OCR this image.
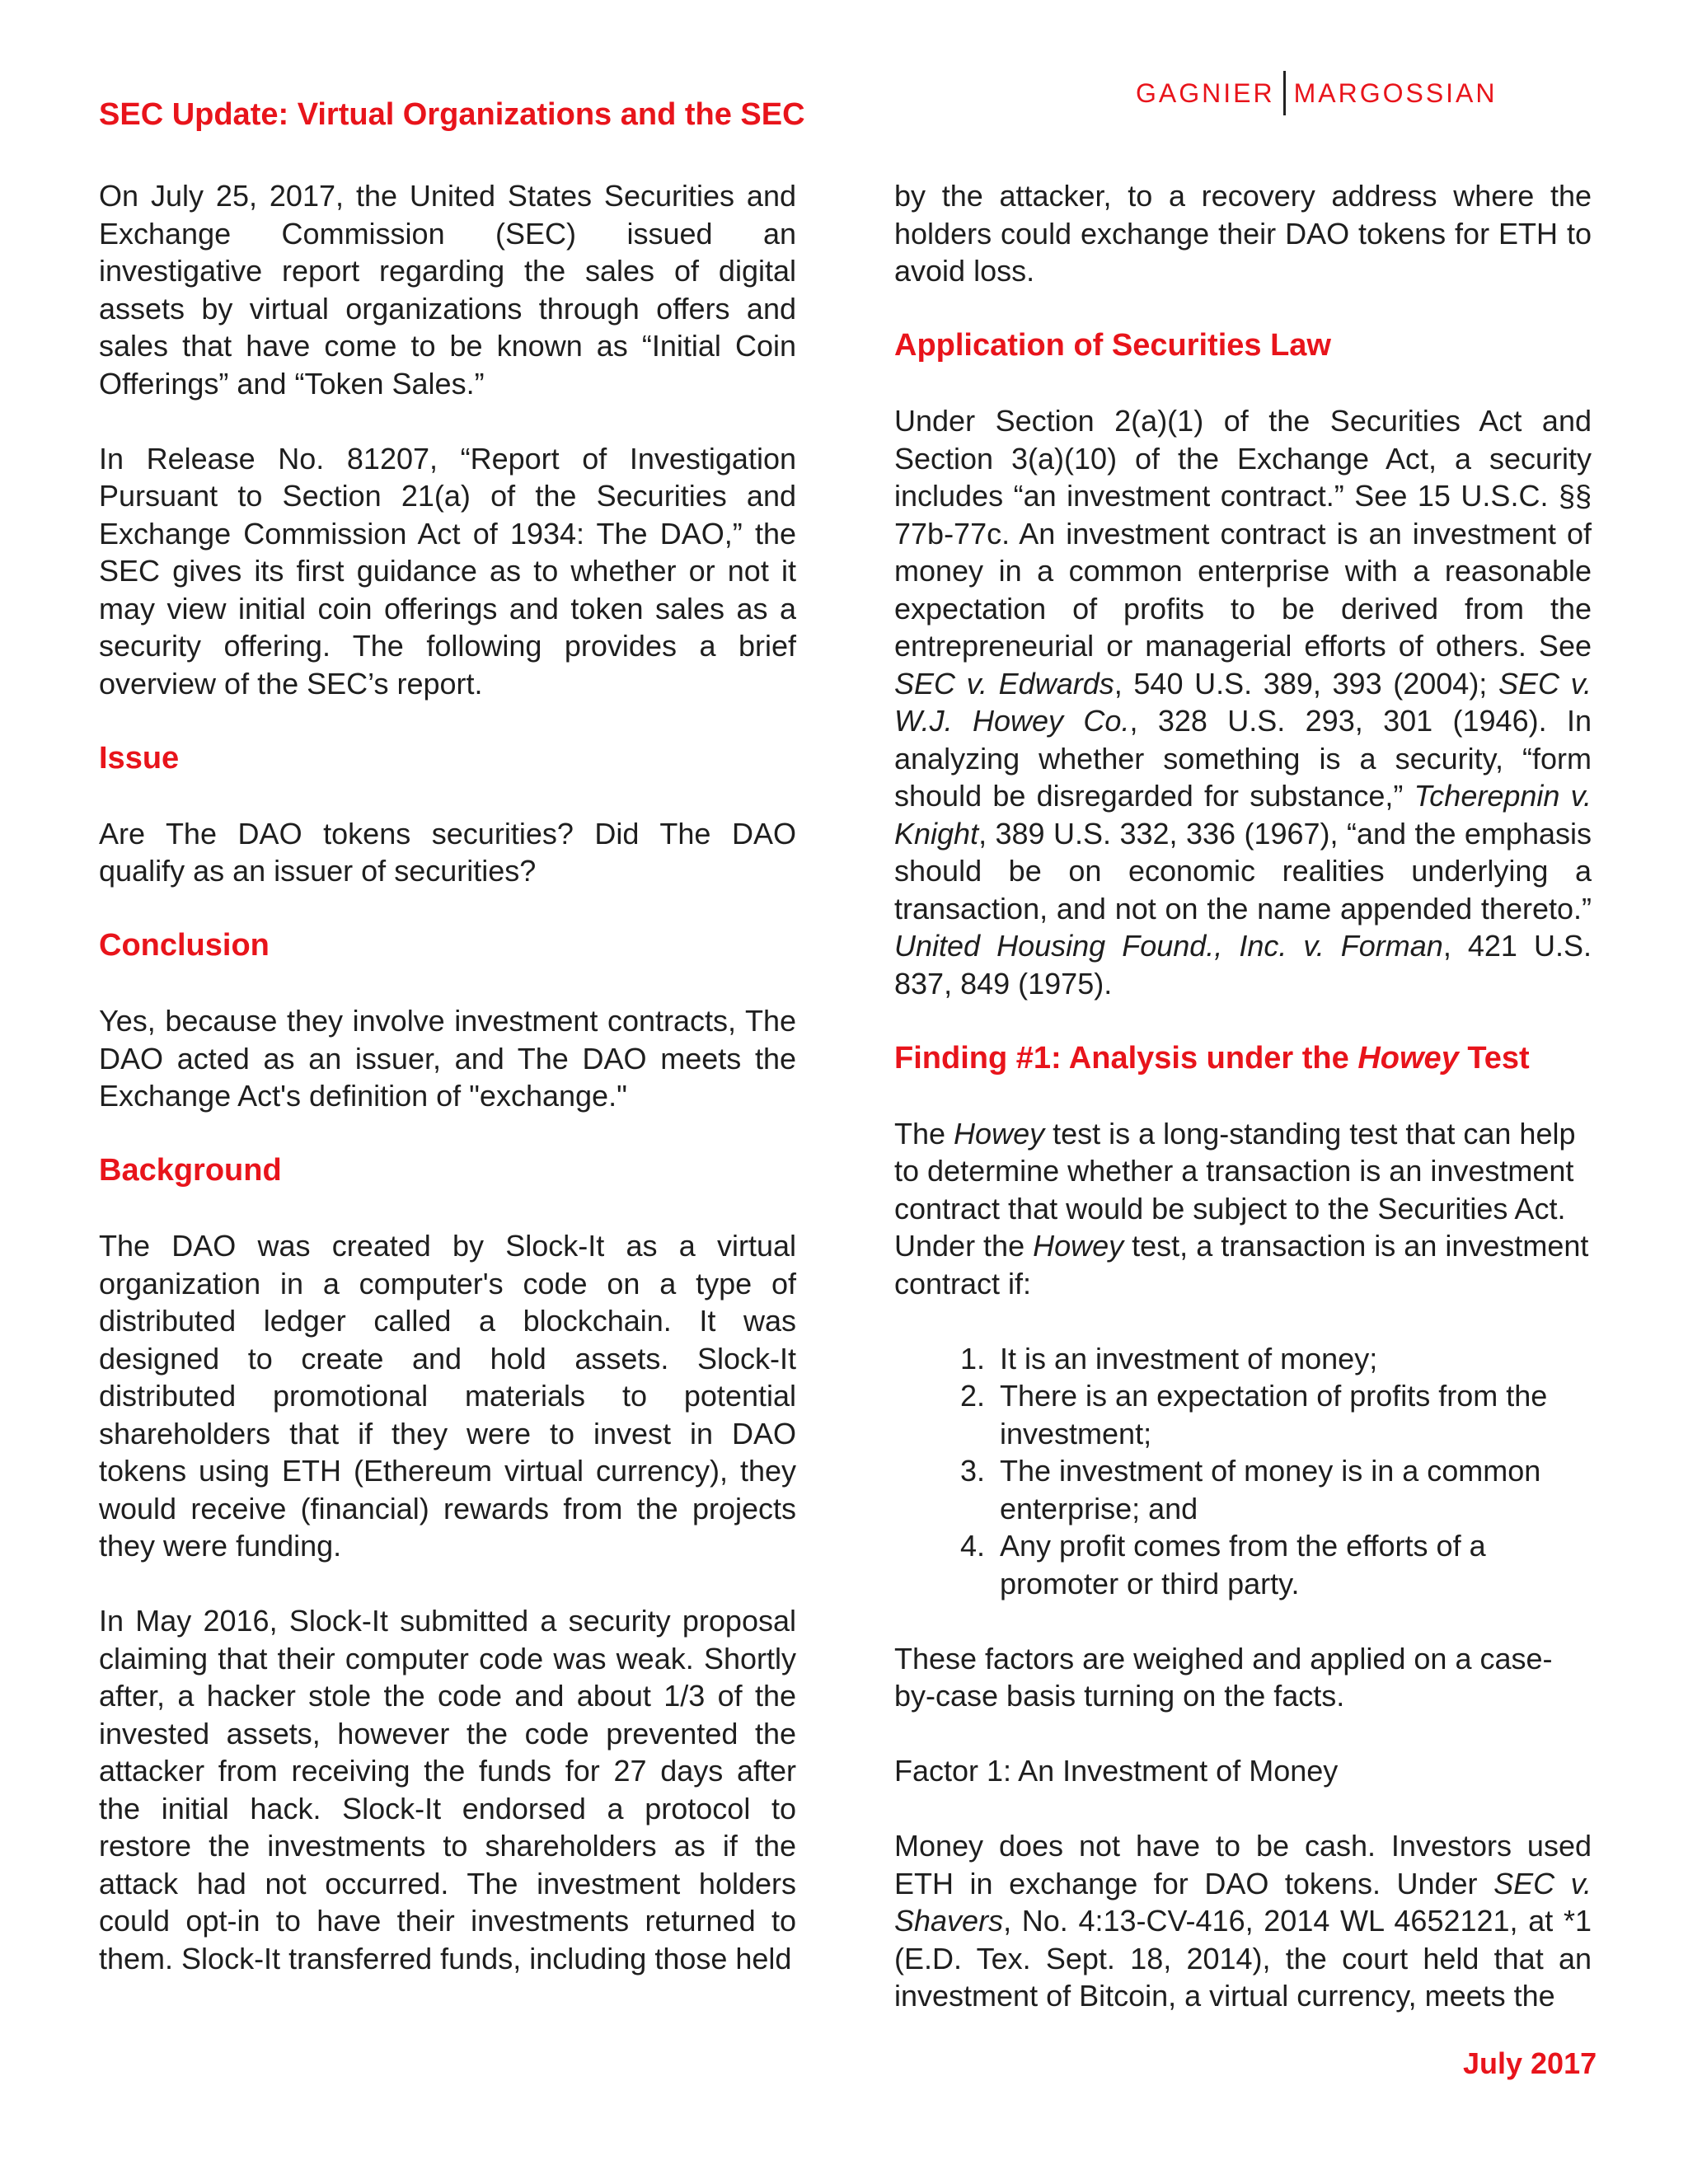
GAGNIER MARGOSSIAN
SEC Update: Virtual Organizations and the SEC

On July 25, 2017, the United States Securities and Exchange Commission (SEC) issued an investigative report regarding the sales of digital assets by virtual organizations through offers and sales that have come to be known as “Initial Coin Offerings” and “Token Sales.”

In Release No. 81207, “Report of Investigation Pursuant to Section 21(a) of the Securities and Exchange Commission Act of 1934: The DAO,” the SEC gives its first guidance as to whether or not it may view initial coin offerings and token sales as a security offering. The following provides a brief overview of the SEC’s report.

Issue

Are The DAO tokens securities? Did The DAO qualify as an issuer of securities?

Conclusion

Yes, because they involve investment contracts, The DAO acted as an issuer, and The DAO meets the Exchange Act's definition of "exchange."

Background

The DAO was created by Slock-It as a virtual organization in a computer's code on a type of distributed ledger called a blockchain. It was designed to create and hold assets. Slock-It distributed promotional materials to potential shareholders that if they were to invest in DAO tokens using ETH (Ethereum virtual currency), they would receive (financial) rewards from the projects they were funding.

In May 2016, Slock-It submitted a security proposal claiming that their computer code was weak. Shortly after, a hacker stole the code and about 1/3 of the invested assets, however the code prevented the attacker from receiving the funds for 27 days after the initial hack. Slock-It endorsed a protocol to restore the investments to shareholders as if the attack had not occurred. The investment holders could opt-in to have their investments returned to them. Slock-It transferred funds, including those held

by the attacker, to a recovery address where the holders could exchange their DAO tokens for ETH to avoid loss.

Application of Securities Law

Under Section 2(a)(1) of the Securities Act and Section 3(a)(10) of the Exchange Act, a security includes “an investment contract.” See 15 U.S.C. §§ 77b-77c. An investment contract is an investment of money in a common enterprise with a reasonable expectation of profits to be derived from the entrepreneurial or managerial efforts of others. See SEC v. Edwards, 540 U.S. 389, 393 (2004); SEC v. W.J. Howey Co., 328 U.S. 293, 301 (1946). In analyzing whether something is a security, “form should be disregarded for substance,” Tcherepnin v. Knight, 389 U.S. 332, 336 (1967), “and the emphasis should be on economic realities underlying a transaction, and not on the name appended thereto.” United Housing Found., Inc. v. Forman, 421 U.S. 837, 849 (1975).

Finding #1: Analysis under the Howey Test

The Howey test is a long-standing test that can help to determine whether a transaction is an investment contract that would be subject to the Securities Act. Under the Howey test, a transaction is an investment contract if:

1. It is an investment of money;
2. There is an expectation of profits from the investment;
3. The investment of money is in a common enterprise; and
4. Any profit comes from the efforts of a promoter or third party.

These factors are weighed and applied on a case-by-case basis turning on the facts.

Factor 1: An Investment of Money

Money does not have to be cash. Investors used ETH in exchange for DAO tokens. Under SEC v. Shavers, No. 4:13-CV-416, 2014 WL 4652121, at *1 (E.D. Tex. Sept. 18, 2014), the court held that an investment of Bitcoin, a virtual currency, meets the

July 2017
